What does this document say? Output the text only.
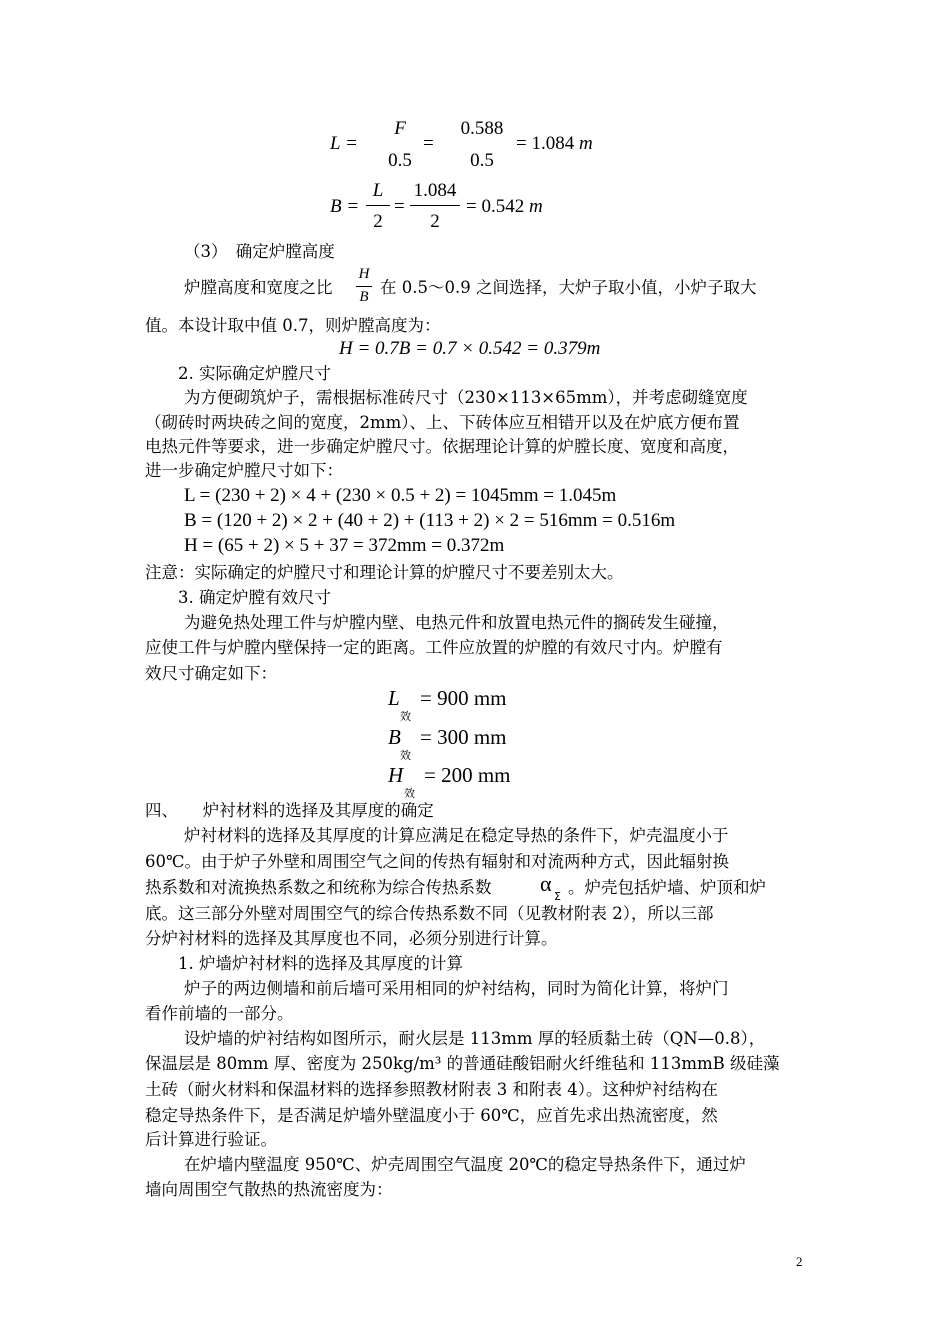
L =
F
0.5
=
0.588
0.5
= 1.084 m
B =
L
2
=
1.084
2
= 0.542 m
（3）　确定炉膛高度
炉膛高度和宽度之比
H
B 在 0.5～0.9 之间选择，大炉子取小值，小炉子取大
值。本设计取中值 0.7，则炉膛高度为：
H = 0.7B = 0.7 × 0.542 = 0.379m
2. 实际确定炉膛尺寸
为方便砌筑炉子，需根据标准砖尺寸（230×113×65mm），并考虑砌缝宽度
（砌砖时两块砖之间的宽度，2mm）、上、下砖体应互相错开以及在炉底方便布置
电热元件等要求，进一步确定炉膛尺寸。依据理论计算的炉膛长度、宽度和高度，
进一步确定炉膛尺寸如下：
L = (230 + 2) × 4 + (230 × 0.5 + 2) = 1045mm = 1.045m
B = (120 + 2) × 2 + (40 + 2) + (113 + 2) × 2 = 516mm = 0.516m
H = (65 + 2) × 5 + 37 = 372mm = 0.372m
注意：实际确定的炉膛尺寸和理论计算的炉膛尺寸不要差别太大。
3. 确定炉膛有效尺寸
为避免热处理工件与炉膛内壁、电热元件和放置电热元件的搁砖发生碰撞，
应使工件与炉膛内壁保持一定的距离。工件应放置的炉膛的有效尺寸内。炉膛有
效尺寸确定如下：
L
效
= 900 mm
B
效
= 300 mm
H
效
= 200 mm
四、　　炉衬材料的选择及其厚度的确定
炉衬材料的选择及其厚度的计算应满足在稳定导热的条件下，炉壳温度小于
60℃。由于炉子外壁和周围空气之间的传热有辐射和对流两种方式，因此辐射换
热系数和对流换热系数之和统称为综合传热系数 α
Σ 。炉壳包括炉墙、炉顶和炉
底。这三部分外壁对周围空气的综合传热系数不同（见教材附表 2），所以三部
分炉衬材料的选择及其厚度也不同，必须分别进行计算。
1. 炉墙炉衬材料的选择及其厚度的计算
炉子的两边侧墙和前后墙可采用相同的炉衬结构，同时为简化计算，将炉门
看作前墙的一部分。
设炉墙的炉衬结构如图所示，耐火层是 113mm 厚的轻质黏土砖（QN—0.8），
保温层是 80mm 厚、密度为 250kg/m³ 的普通硅酸铝耐火纤维毡和 113mmB 级硅藻
土砖（耐火材料和保温材料的选择参照教材附表 3 和附表 4）。这种炉衬结构在
稳定导热条件下，是否满足炉墙外壁温度小于 60℃，应首先求出热流密度，然
后计算进行验证。
在炉墙内壁温度 950℃、炉壳周围空气温度 20℃的稳定导热条件下，通过炉
墙向周围空气散热的热流密度为：
2
